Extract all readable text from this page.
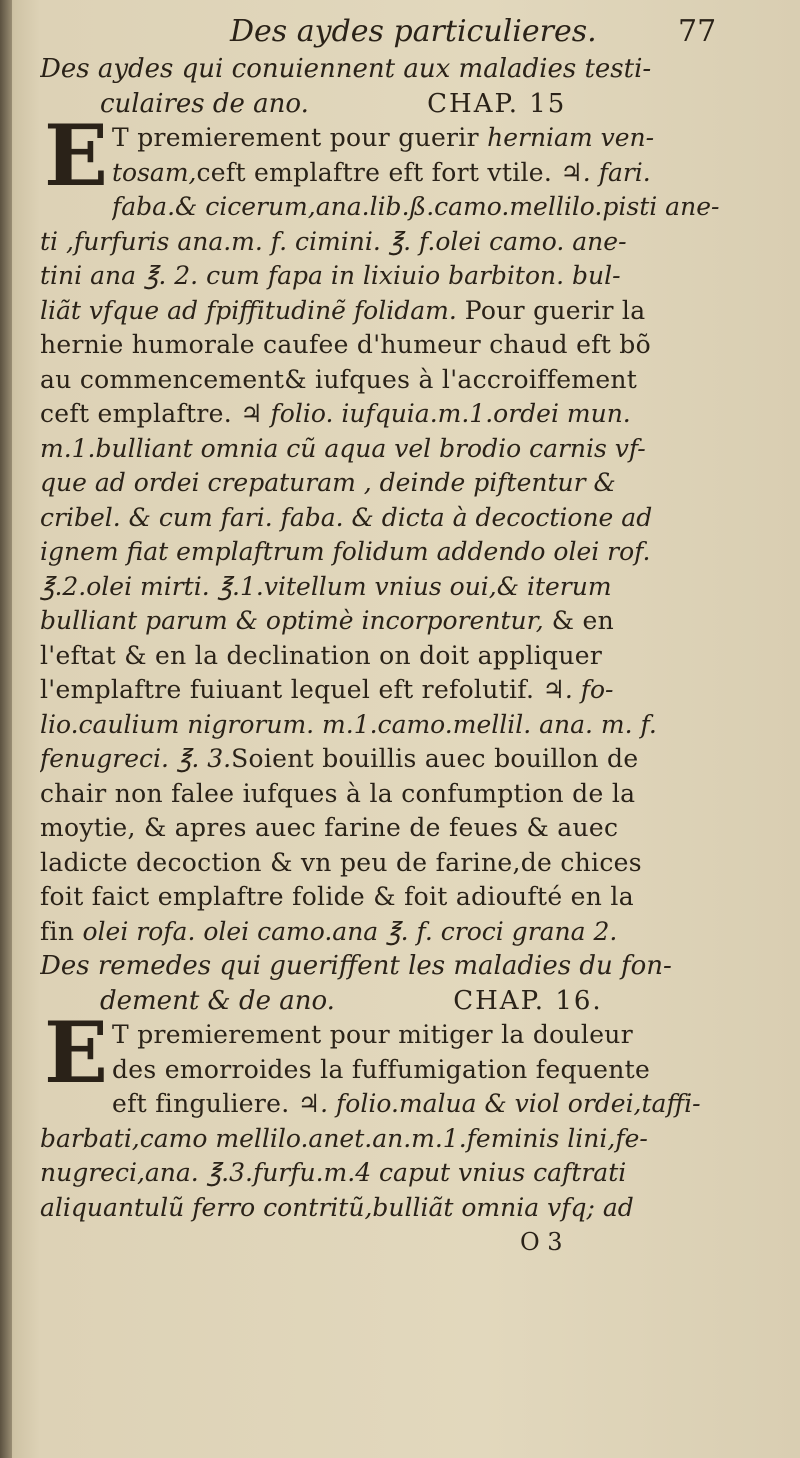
Des aydes particulieres.	77
Des aydes qui conuiennent aux maladies testi-
culaires de ano.	CHAP. 15
E T premierement pour guerir herniam ven-
tosam,ceft emplaftre eft fort vtile. ♃. fari.
faba.& cicerum,ana.lib.ß.camo.mellilo.pisti ane-
ti ,furfuris ana.m. f. cimini. ℥. f.olei camo. ane-
tini ana ℥. 2. cum fapa in lixiuio barbiton. bul-
liãt vfque ad fpiffitudinẽ folidam. Pour guerir la
hernie humorale caufee d'humeur chaud eft bõ
au commencement& iufques à l'accroiffement
ceft emplaftre. ♃ folio. iufquia.m.1.ordei mun.
m.1.bulliant omnia cũ aqua vel brodio carnis vf-
que ad ordei crepaturam , deinde piftentur &
cribel. & cum fari. faba. & dicta à decoctione ad
ignem fiat emplaftrum folidum addendo olei rof.
℥.2.olei mirti. ℥.1.vitellum vnius oui,& iterum
bulliant parum & optimè incorporentur, & en
l'eftat & en la declination on doit appliquer
l'emplaftre fuiuant lequel eft refolutif. ♃. fo-
lio.caulium nigrorum. m.1.camo.mellil. ana. m. f.
fenugreci. ℥. 3.Soient bouillis auec bouillon de
chair non falee iufques à la confumption de la
moytie, & apres auec farine de feues & auec
ladicte decoction & vn peu de farine,de chices
foit faict emplaftre folide & foit adioufté en la
fin olei rofa. olei camo.ana ℥. f. croci grana 2.
Des remedes qui gueriffent les maladies du fon-
dement & de ano.	CHAP. 16.
E T premierement pour mitiger la douleur
des emorroides la fuffumigation fequente
eft finguliere. ♃. folio.malua & viol ordei,taffi-
barbati,camo mellilo.anet.an.m.1.feminis lini,fe-
nugreci,ana. ℥.3.furfu.m.4 caput vnius caftrati
aliquantulũ ferro contritũ,bulliãt omnia vfq; ad
O 3
